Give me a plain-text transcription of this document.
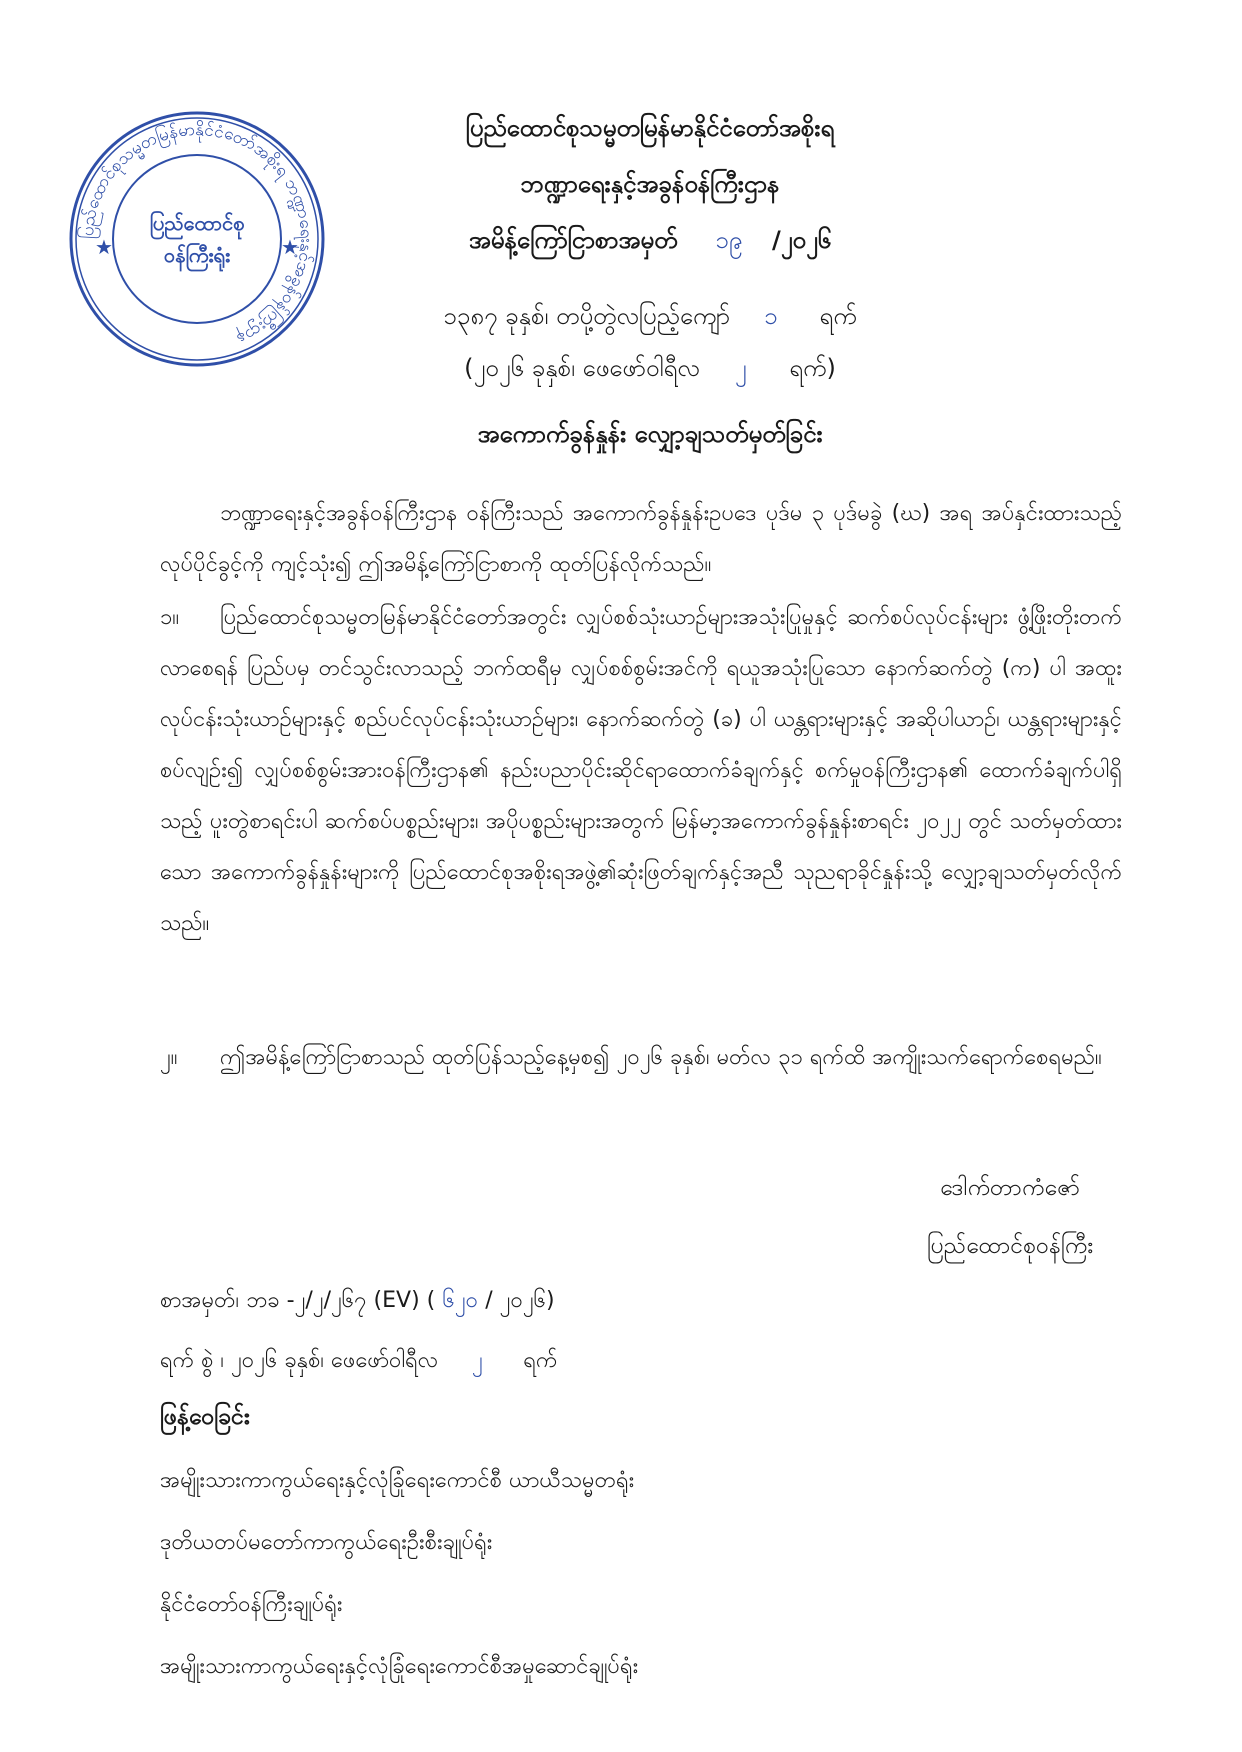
ပြည်ထောင်စုသမ္မတမြန်မာနိုင်ငံတော်အစိုးရ ဘဏ္ဍာရေးနှင့်အခွန်ဝန်ကြီးဌာန
★	★
ပြည်ထောင်စု
ဝန်ကြီးရုံး
ပြည်ထောင်စုသမ္မတမြန်မာနိုင်ငံတော်အစိုးရ
ဘဏ္ဍာရေးနှင့်အခွန်ဝန်ကြီးဌာန
အမိန့်ကြော်ငြာစာအမှတ် ၁၉ /၂၀၂၆
၁၃၈၇ ခုနှစ်၊ တပို့တွဲလပြည့်ကျော် ၁ ရက်
(၂၀၂၆ ခုနှစ်၊ ဖေဖော်ဝါရီလ ၂ ရက်)
အကောက်ခွန်နှုန်း လျှော့ချသတ်မှတ်ခြင်း
ဘဏ္ဍာရေးနှင့်အခွန်ဝန်ကြီးဌာန ဝန်ကြီးသည် အကောက်ခွန်နှုန်းဥပဒေ ပုဒ်မ ၃ ပုဒ်မခွဲ (ဃ) အရ အပ်နှင်းထားသည့် လုပ်ပိုင်ခွင့်ကို ကျင့်သုံး၍ ဤအမိန့်ကြော်ငြာစာကို ထုတ်ပြန်လိုက်သည်။
၁။ ပြည်ထောင်စုသမ္မတမြန်မာနိုင်ငံတော်အတွင်း လျှပ်စစ်သုံးယာဉ်များအသုံးပြုမှုနှင့် ဆက်စပ်လုပ်ငန်းများ ဖွံ့ဖြိုးတိုးတက်လာစေရန် ပြည်ပမှ တင်သွင်းလာသည့် ဘက်ထရီမှ လျှပ်စစ်စွမ်းအင်ကို ရယူအသုံးပြုသော နောက်ဆက်တွဲ (က) ပါ အထူးလုပ်ငန်းသုံးယာဉ်များနှင့် စည်ပင်လုပ်ငန်းသုံးယာဉ်များ၊ နောက်ဆက်တွဲ (ခ) ပါ ယန္တရားများနှင့် အဆိုပါယာဉ်၊ ယန္တရားများနှင့် စပ်လျဉ်း၍ လျှပ်စစ်စွမ်းအားဝန်ကြီးဌာန၏ နည်းပညာပိုင်းဆိုင်ရာထောက်ခံချက်နှင့် စက်မှုဝန်ကြီးဌာန၏ ထောက်ခံချက်ပါရှိသည့် ပူးတွဲစာရင်းပါ ဆက်စပ်ပစ္စည်းများ၊ အပိုပစ္စည်းများအတွက် မြန်မာ့အကောက်ခွန်နှုန်းစာရင်း ၂၀၂၂ တွင် သတ်မှတ်ထားသော အကောက်ခွန်နှုန်းများကို ပြည်ထောင်စုအစိုးရအဖွဲ့၏ဆုံးဖြတ်ချက်နှင့်အညီ သုညရာခိုင်နှုန်းသို့ လျှော့ချသတ်မှတ်လိုက်သည်။
၂။ ဤအမိန့်ကြော်ငြာစာသည် ထုတ်ပြန်သည့်နေ့မှစ၍ ၂၀၂၆ ခုနှစ်၊ မတ်လ ၃၁ ရက်ထိ အကျိုးသက်ရောက်စေရမည်။
ဒေါက်တာကံဇော်
ပြည်ထောင်စုဝန်ကြီး
စာအမှတ်၊ ဘခ -၂/၂/၂၆၇ (EV) ( ၆၂၀ / ၂၀၂၆)
ရက် စွဲ ၊ ၂၀၂၆ ခုနှစ်၊ ဖေဖော်ဝါရီလ ၂ ရက်
ဖြန့်ဝေခြင်း
အမျိုးသားကာကွယ်ရေးနှင့်လုံခြုံရေးကောင်စီ ယာယီသမ္မတရုံး
ဒုတိယတပ်မတော်ကာကွယ်ရေးဦးစီးချုပ်ရုံး
နိုင်ငံတော်ဝန်ကြီးချုပ်ရုံး
အမျိုးသားကာကွယ်ရေးနှင့်လုံခြုံရေးကောင်စီအမှုဆောင်ချုပ်ရုံး
